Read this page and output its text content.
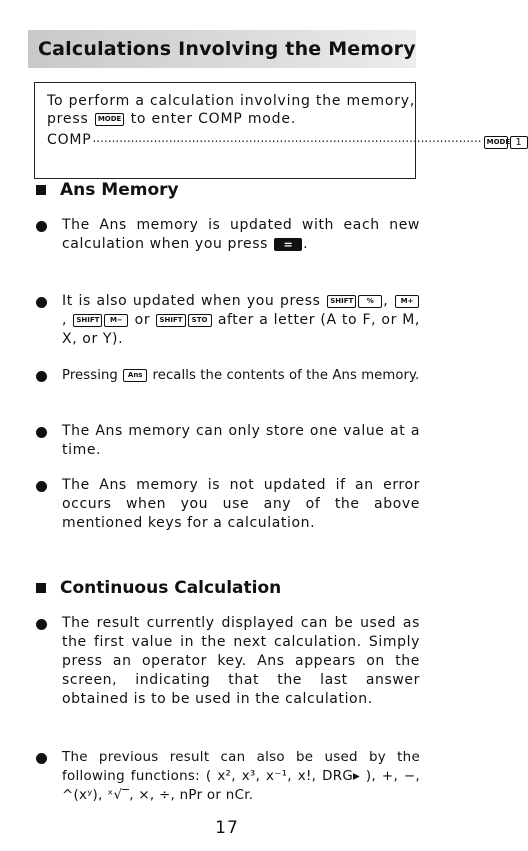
Calculations Involving the Memory
To perform a calculation involving the memory,
press MODE to enter COMP mode.
COMP ...................................................................................................... MODE 1
Ans Memory
The Ans memory is updated with each new calculation when you press = .
It is also updated when you press SHIFT % , M+, SHIFT M− or SHIFT STO after a letter (A to F, or M, X, or Y).
Pressing Ans recalls the contents of the Ans memory.
The Ans memory can only store one value at a time.
The Ans memory is not updated if an error occurs when you use any of the above mentioned keys for a calculation.
Continuous Calculation
The result currently displayed can be used as the first value in the next calculation. Simply press an operator key. Ans appears on the screen, indicating that the last answer obtained is to be used in the calculation.
The previous result can also be used by the following functions: ( x², x³, x⁻¹, x!, DRG▸ ), +, −, ^(xʸ), ˣ√‾, ×, ÷, nPr or nCr.
17
